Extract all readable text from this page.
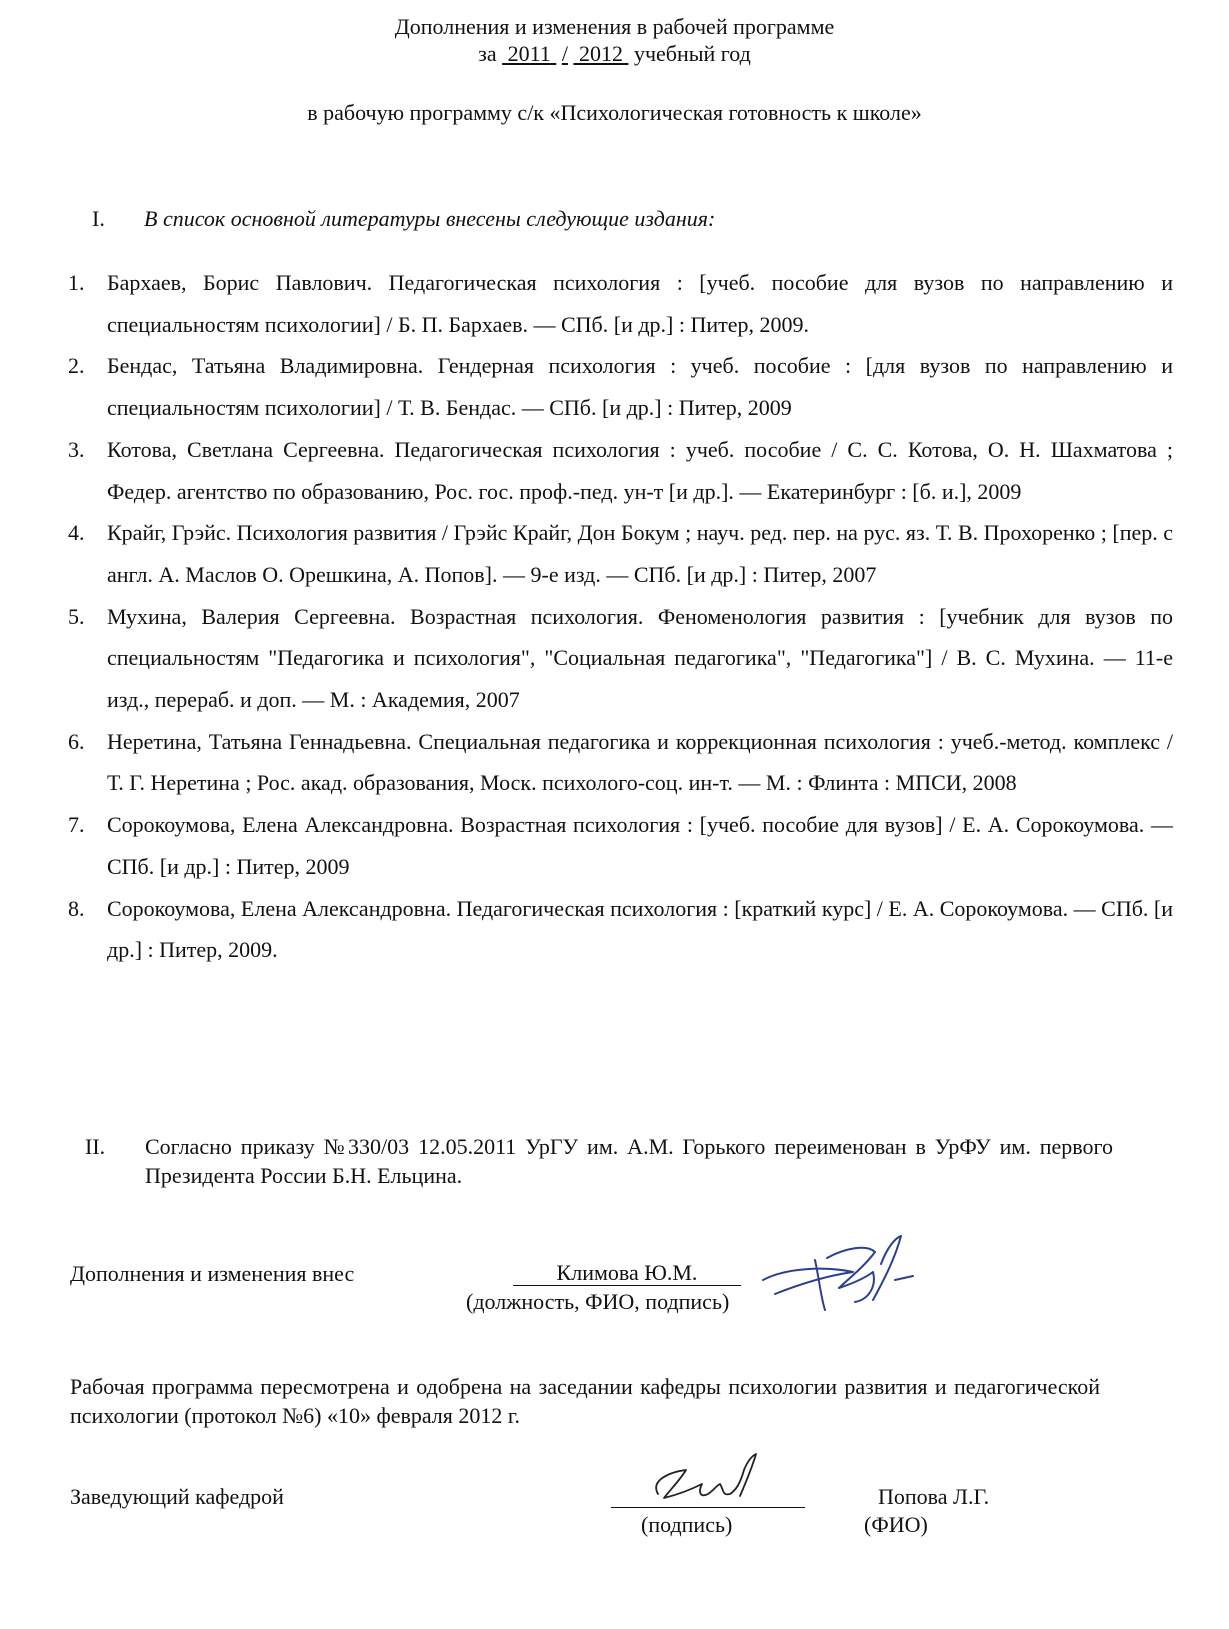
Дополнения и изменения в рабочей программе
за 2011 / 2012 учебный год
в рабочую программу с/к «Психологическая готовность к школе»
I. В список основной литературы внесены следующие издания:
1. Бархаев, Борис Павлович. Педагогическая психология : [учеб. пособие для вузов по направлению и специальностям психологии] / Б. П. Бархаев. — СПб. [и др.] : Питер, 2009.
2. Бендас, Татьяна Владимировна. Гендерная психология : учеб. пособие : [для вузов по направлению и специальностям психологии] / Т. В. Бендас. — СПб. [и др.] : Питер, 2009
3. Котова, Светлана Сергеевна. Педагогическая психология : учеб. пособие / С. С. Котова, О. Н. Шахматова ; Федер. агентство по образованию, Рос. гос. проф.-пед. ун-т [и др.]. — Екатеринбург : [б. и.], 2009
4. Крайг, Грэйс. Психология развития / Грэйс Крайг, Дон Бокум ; науч. ред. пер. на рус. яз. Т. В. Прохоренко ; [пер. с англ. А. Маслов О. Орешкина, А. Попов]. — 9-е изд. — СПб. [и др.] : Питер, 2007
5. Мухина, Валерия Сергеевна. Возрастная психология. Феноменология развития : [учебник для вузов по специальностям "Педагогика и психология", "Социальная педагогика", "Педагогика"] / В. С. Мухина. — 11-е изд., перераб. и доп. — М. : Академия, 2007
6. Неретина, Татьяна Геннадьевна. Специальная педагогика и коррекционная психология : учеб.-метод. комплекс / Т. Г. Неретина ; Рос. акад. образования, Моск. психолого-соц. ин-т. — М. : Флинта : МПСИ, 2008
7. Сорокоумова, Елена Александровна. Возрастная психология : [учеб. пособие для вузов] / Е. А. Сорокоумова. — СПб. [и др.] : Питер, 2009
8. Сорокоумова, Елена Александровна. Педагогическая психология : [краткий курс] / Е. А. Сорокоумова. — СПб. [и др.] : Питер, 2009.
II. Согласно приказу №330/03 12.05.2011 УрГУ им. А.М. Горького переименован в УрФУ им. первого Президента России Б.Н. Ельцина.
Дополнения и изменения внес	Климова Ю.М.
(должность, ФИО, подпись)
Рабочая программа пересмотрена и одобрена на заседании кафедры психологии развития и педагогической психологии (протокол №6) «10» февраля 2012 г.
Заведующий кафедрой
(подпись)
Попова Л.Г.
(ФИО)
